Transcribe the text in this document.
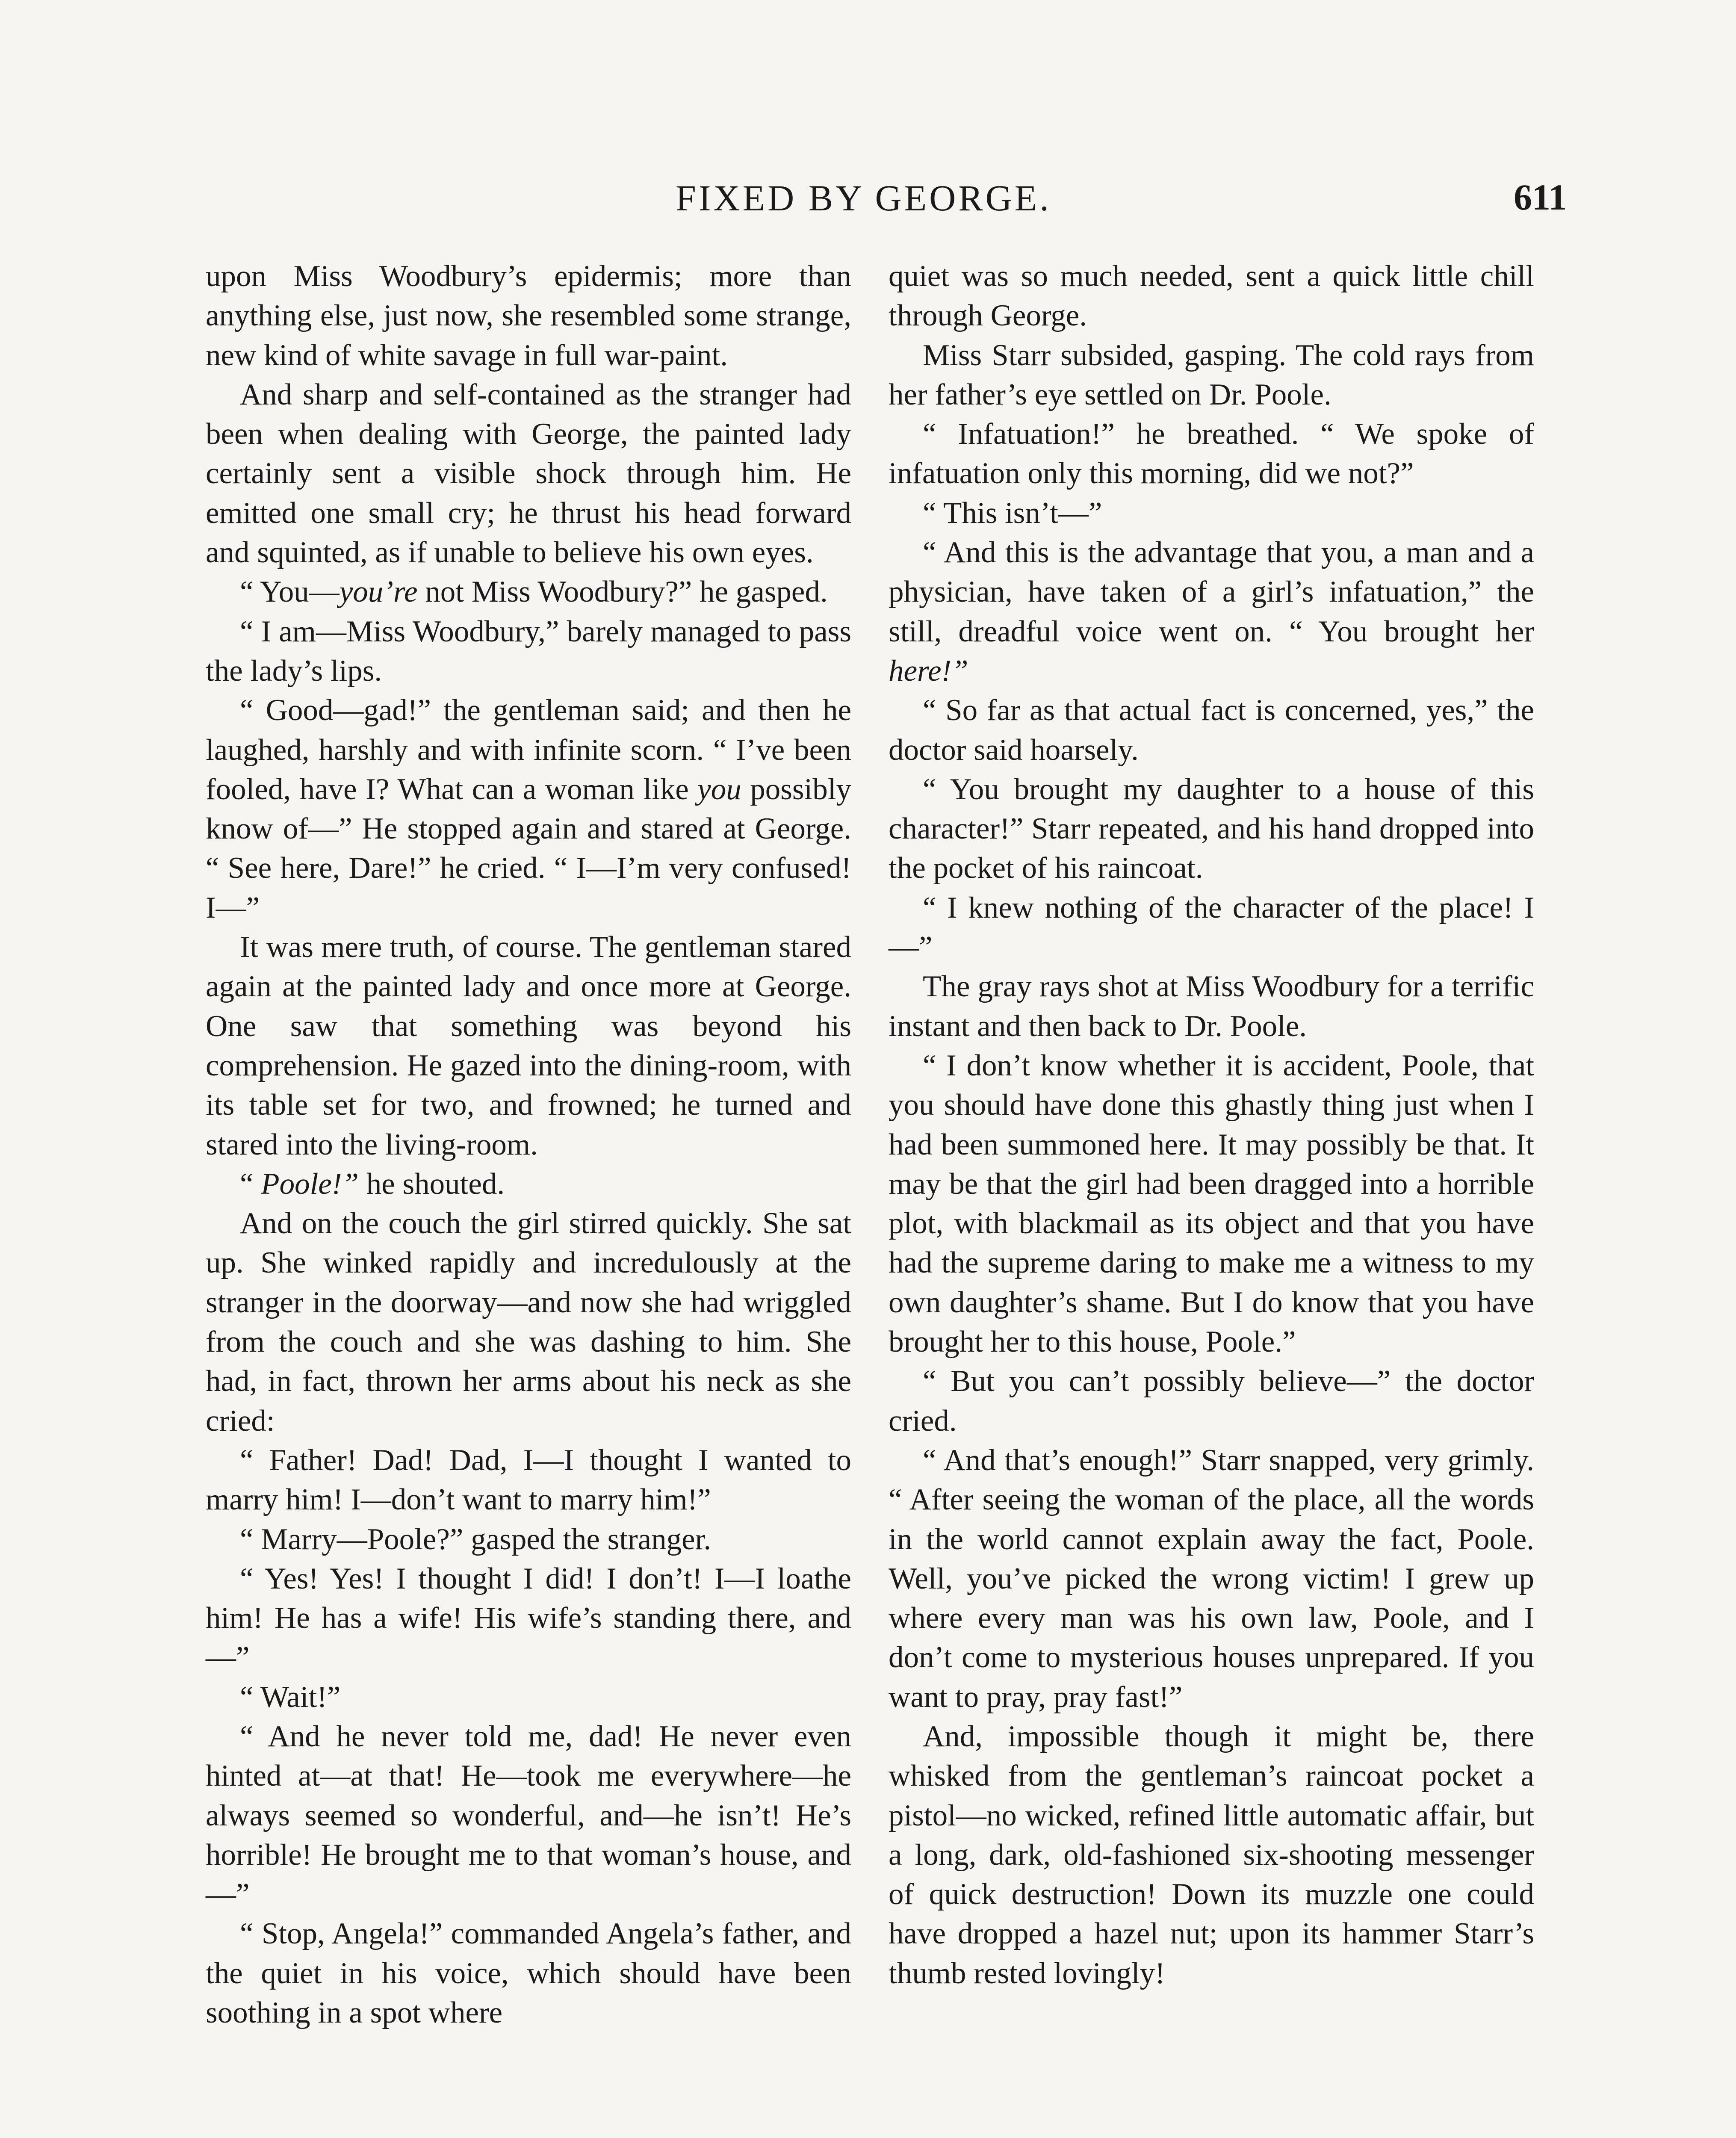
FIXED BY GEORGE.	611

upon Miss Woodbury’s epidermis; more than anything else, just now, she resembled some strange, new kind of white savage in full war-paint.

And sharp and self-contained as the stranger had been when dealing with George, the painted lady certainly sent a visible shock through him. He emitted one small cry; he thrust his head forward and squinted, as if unable to believe his own eyes.

“ You—you’re not Miss Woodbury?” he gasped.

“ I am—Miss Woodbury,” barely managed to pass the lady’s lips.

“ Good—gad!” the gentleman said; and then he laughed, harshly and with infinite scorn. “ I’ve been fooled, have I? What can a woman like you possibly know of—” He stopped again and stared at George. “ See here, Dare!” he cried. “ I—I’m very confused! I—”

It was mere truth, of course. The gentleman stared again at the painted lady and once more at George. One saw that something was beyond his comprehension. He gazed into the dining-room, with its table set for two, and frowned; he turned and stared into the living-room.

“ Poole!” he shouted.

And on the couch the girl stirred quickly. She sat up. She winked rapidly and incredulously at the stranger in the doorway—and now she had wriggled from the couch and she was dashing to him. She had, in fact, thrown her arms about his neck as she cried:

“ Father! Dad! Dad, I—I thought I wanted to marry him! I—don’t want to marry him!”

“ Marry—Poole?” gasped the stranger.

“ Yes! Yes! I thought I did! I don’t! I—I loathe him! He has a wife! His wife’s standing there, and—”

“ Wait!”

“ And he never told me, dad! He never even hinted at—at that! He—took me everywhere—he always seemed so wonderful, and—he isn’t! He’s horrible! He brought me to that woman’s house, and—”

“ Stop, Angela!” commanded Angela’s father, and the quiet in his voice, which should have been soothing in a spot where

quiet was so much needed, sent a quick little chill through George.

Miss Starr subsided, gasping. The cold rays from her father’s eye settled on Dr. Poole.

“ Infatuation!” he breathed. “ We spoke of infatuation only this morning, did we not?”

“ This isn’t—”

“ And this is the advantage that you, a man and a physician, have taken of a girl’s infatuation,” the still, dreadful voice went on. “ You brought her here!”

“ So far as that actual fact is concerned, yes,” the doctor said hoarsely.

“ You brought my daughter to a house of this character!” Starr repeated, and his hand dropped into the pocket of his raincoat.

“ I knew nothing of the character of the place! I—”

The gray rays shot at Miss Woodbury for a terrific instant and then back to Dr. Poole.

“ I don’t know whether it is accident, Poole, that you should have done this ghastly thing just when I had been summoned here. It may possibly be that. It may be that the girl had been dragged into a horrible plot, with blackmail as its object and that you have had the supreme daring to make me a witness to my own daughter’s shame. But I do know that you have brought her to this house, Poole.”

“ But you can’t possibly believe—” the doctor cried.

“ And that’s enough!” Starr snapped, very grimly. “ After seeing the woman of the place, all the words in the world cannot explain away the fact, Poole. Well, you’ve picked the wrong victim! I grew up where every man was his own law, Poole, and I don’t come to mysterious houses unprepared. If you want to pray, pray fast!”

And, impossible though it might be, there whisked from the gentleman’s raincoat pocket a pistol—no wicked, refined little automatic affair, but a long, dark, old-fashioned six-shooting messenger of quick destruction! Down its muzzle one could have dropped a hazel nut; upon its hammer Starr’s thumb rested lovingly!
